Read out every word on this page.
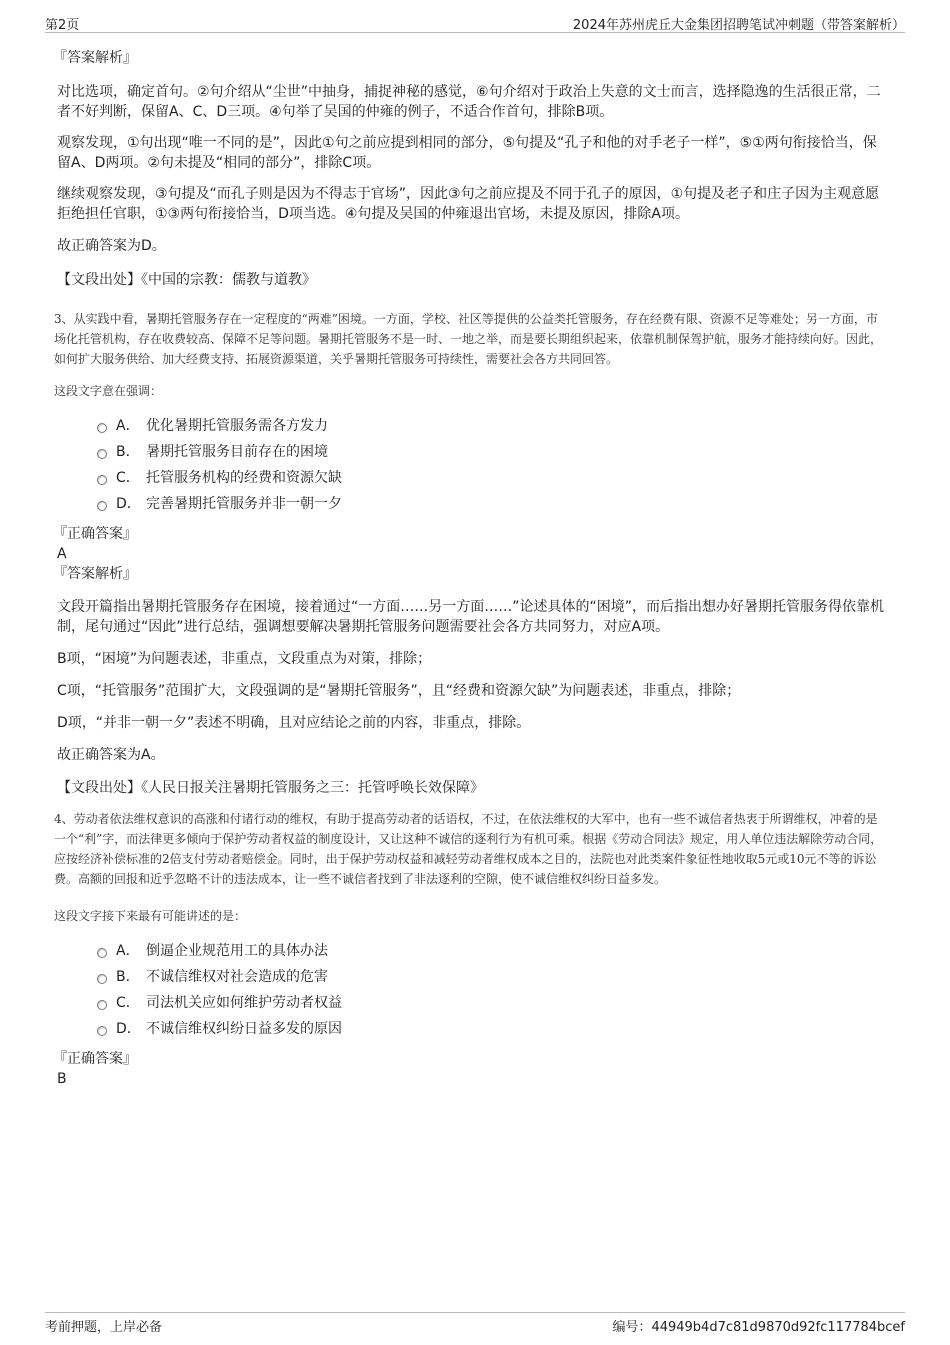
第2页	2024年苏州虎丘大金集团招聘笔试冲刺题（带答案解析）

『答案解析』

对比选项，确定首句。②句介绍从“尘世”中抽身，捕捉神秘的感觉，⑥句介绍对于政治上失意的文士而言，选择隐逸的生活很正常，二者不好判断，保留A、C、D三项。④句举了吴国的仲雍的例子，不适合作首句，排除B项。

观察发现，①句出现“唯一不同的是”，因此①句之前应提到相同的部分，⑤句提及“孔子和他的对手老子一样”，⑤①两句衔接恰当，保留A、D两项。②句未提及“相同的部分”，排除C项。

继续观察发现，③句提及“而孔子则是因为不得志于官场”，因此③句之前应提及不同于孔子的原因，①句提及老子和庄子因为主观意愿拒绝担任官职，①③两句衔接恰当，D项当选。④句提及吴国的仲雍退出官场，未提及原因，排除A项。

故正确答案为D。

【文段出处】《中国的宗教：儒教与道教》

3、从实践中看，暑期托管服务存在一定程度的“两难”困境。一方面，学校、社区等提供的公益类托管服务，存在经费有限、资源不足等难处；另一方面，市场化托管机构，存在收费较高、保障不足等问题。暑期托管服务不是一时、一地之举，而是要长期组织起来，依靠机制保驾护航，服务才能持续向好。因此，如何扩大服务供给、加大经费支持、拓展资源渠道，关乎暑期托管服务可持续性，需要社会各方共同回答。

这段文字意在强调：

A． 优化暑期托管服务需各方发力
B． 暑期托管服务目前存在的困境
C． 托管服务机构的经费和资源欠缺
D． 完善暑期托管服务并非一朝一夕

『正确答案』

A

『答案解析』

文段开篇指出暑期托管服务存在困境，接着通过“一方面……另一方面……”论述具体的“困境”，而后指出想办好暑期托管服务得依靠机制，尾句通过“因此”进行总结，强调想要解决暑期托管服务问题需要社会各方共同努力，对应A项。

B项，“困境”为问题表述，非重点，文段重点为对策，排除；

C项，“托管服务”范围扩大，文段强调的是“暑期托管服务”，且“经费和资源欠缺”为问题表述，非重点，排除；

D项，“并非一朝一夕”表述不明确，且对应结论之前的内容，非重点，排除。

故正确答案为A。

【文段出处】《人民日报关注暑期托管服务之三：托管呼唤长效保障》

4、劳动者依法维权意识的高涨和付诸行动的维权，有助于提高劳动者的话语权，不过，在依法维权的大军中，也有一些不诚信者热衷于所谓维权，冲着的是一个“利”字，而法律更多倾向于保护劳动者权益的制度设计，又让这种不诚信的逐利行为有机可乘。根据《劳动合同法》规定，用人单位违法解除劳动合同，应按经济补偿标准的2倍支付劳动者赔偿金。同时，出于保护劳动权益和减轻劳动者维权成本之目的，法院也对此类案件象征性地收取5元或10元不等的诉讼费。高额的回报和近乎忽略不计的违法成本，让一些不诚信者找到了非法逐利的空隙，使不诚信维权纠纷日益多发。

这段文字接下来最有可能讲述的是：

A． 倒逼企业规范用工的具体办法
B． 不诚信维权对社会造成的危害
C． 司法机关应如何维护劳动者权益
D． 不诚信维权纠纷日益多发的原因

『正确答案』

B

考前押题，上岸必备	编号：44949b4d7c81d9870d92fc117784bcef
